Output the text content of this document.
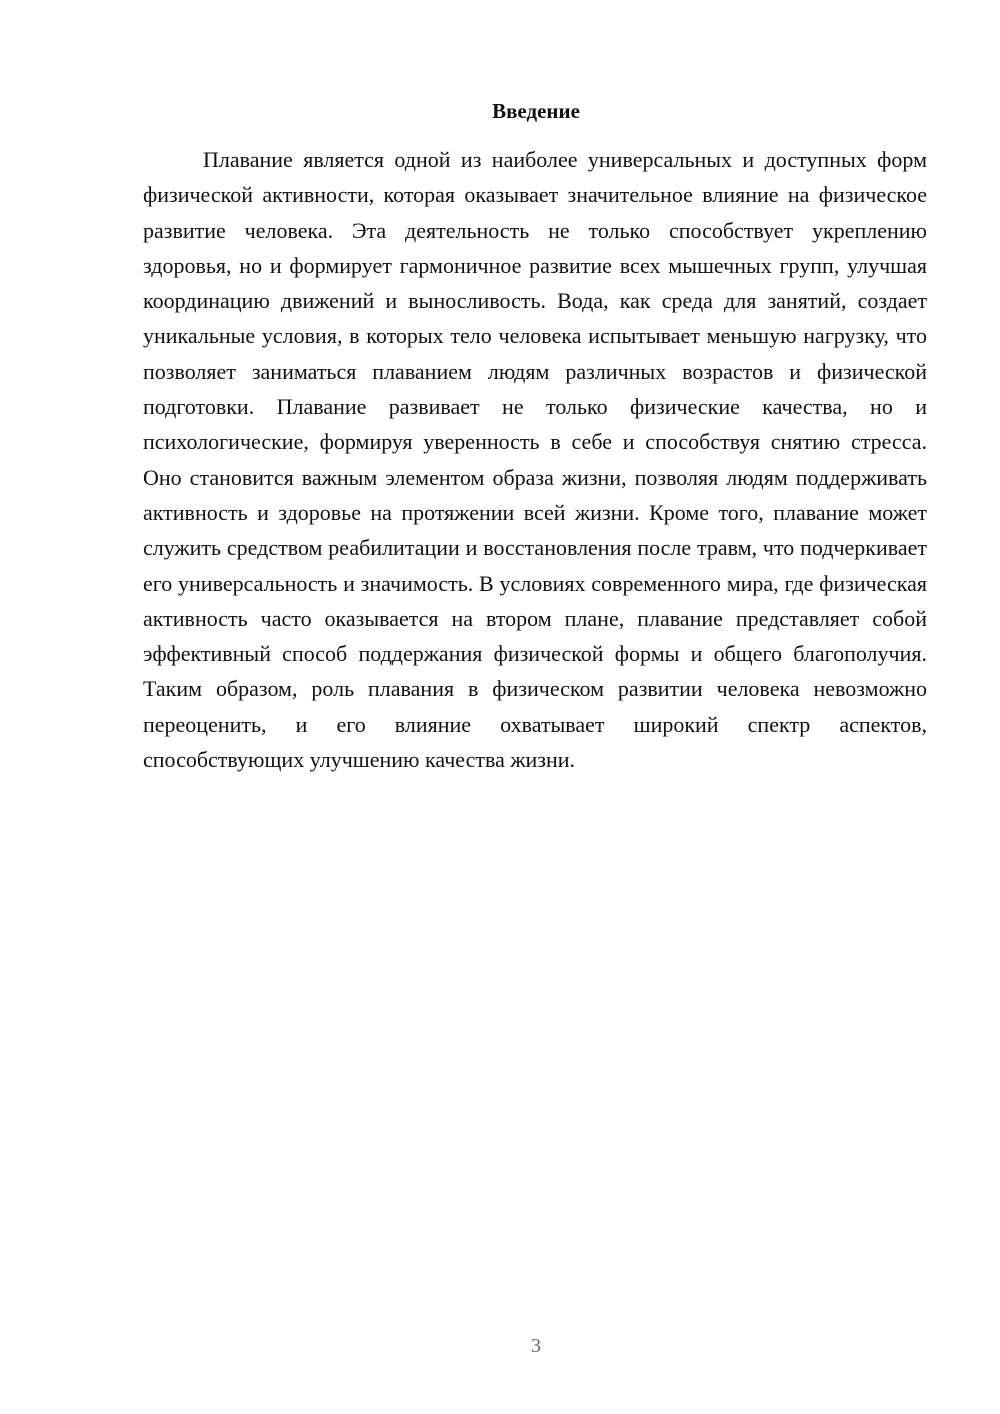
Введение

Плавание является одной из наиболее универсальных и доступных форм физической активности, которая оказывает значительное влияние на физическое развитие человека. Эта деятельность не только способствует укреплению здоровья, но и формирует гармоничное развитие всех мышечных групп, улучшая координацию движений и выносливость. Вода, как среда для занятий, создает уникальные условия, в которых тело человека испытывает меньшую нагрузку, что позволяет заниматься плаванием людям различных возрастов и физической подготовки. Плавание развивает не только физические качества, но и психологические, формируя уверенность в себе и способствуя снятию стресса. Оно становится важным элементом образа жизни, позволяя людям поддерживать активность и здоровье на протяжении всей жизни. Кроме того, плавание может служить средством реабилитации и восстановления после травм, что подчеркивает его универсальность и значимость. В условиях современного мира, где физическая активность часто оказывается на втором плане, плавание представляет собой эффективный способ поддержания физической формы и общего благополучия. Таким образом, роль плавания в физическом развитии человека невозможно переоценить, и его влияние охватывает широкий спектр аспектов, способствующих улучшению качества жизни.

3
